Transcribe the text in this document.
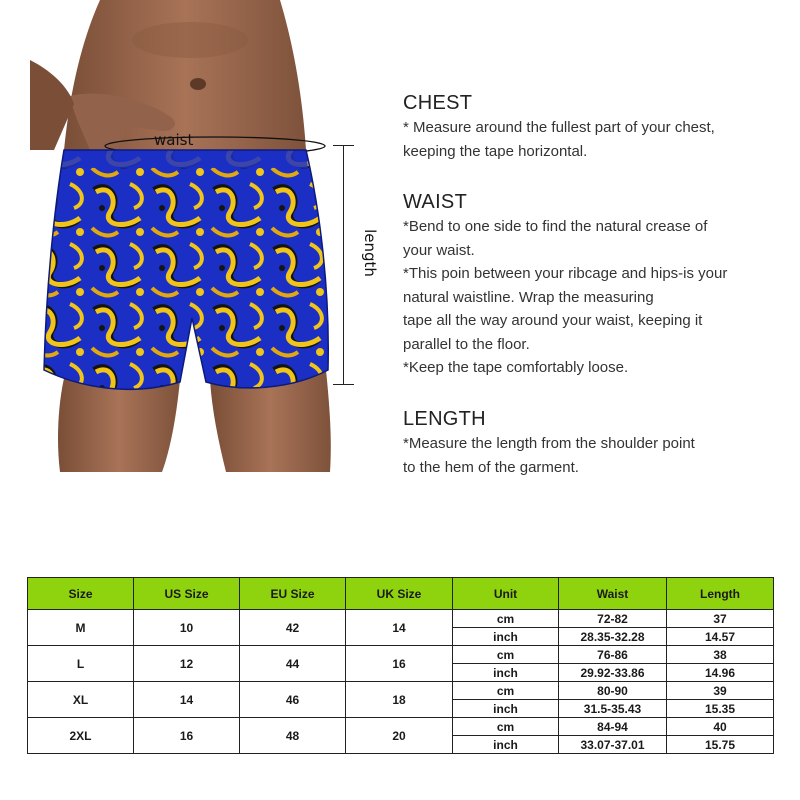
waist
length
CHEST

* Measure around the fullest part of your chest,

keeping the tape horizontal.

WAIST

*Bend to one side to find the natural crease of

your waist.

*This poin between your ribcage and hips-is your

natural waistline. Wrap the measuring

tape all the way around your waist, keeping it

parallel to the floor.

*Keep the tape comfortably loose.

LENGTH

*Measure the length from the shoulder point

to the hem of the garment.

Size	US Size	EU Size	UK Size	Unit	Waist	Length
M	10	42	14	cm	72-82	37
				inch	28.35-32.28	14.57
L	12	44	16	cm	76-86	38
				inch	29.92-33.86	14.96
XL	14	46	18	cm	80-90	39
				inch	31.5-35.43	15.35
2XL	16	48	20	cm	84-94	40
				inch	33.07-37.01	15.75
